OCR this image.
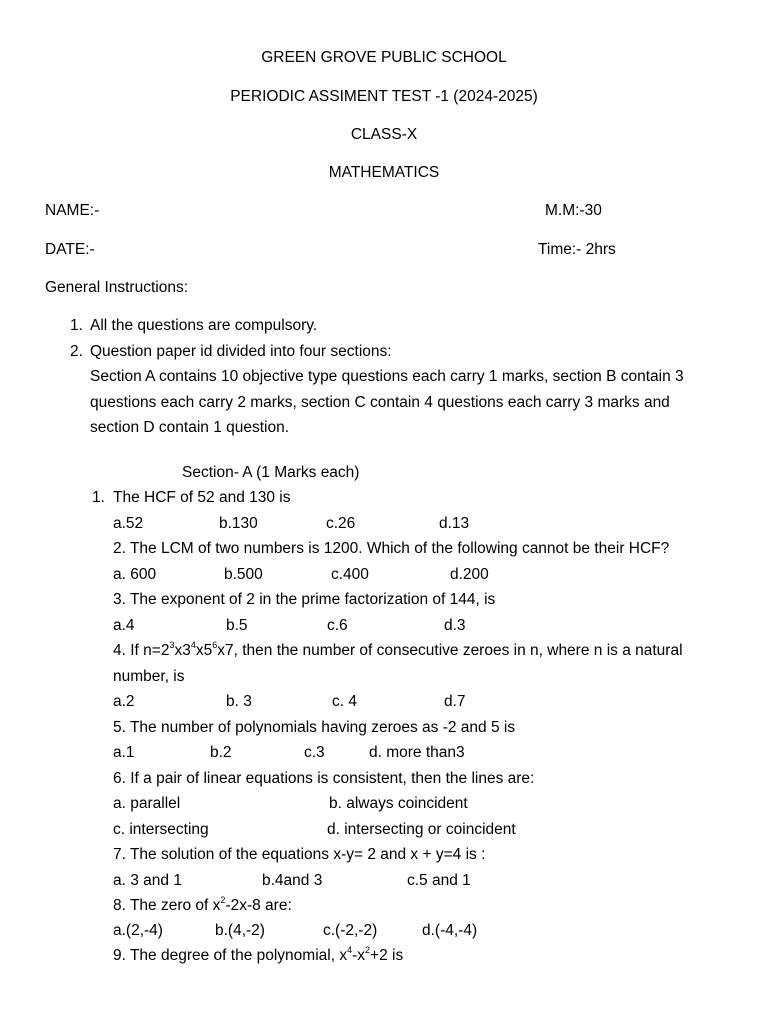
GREEN GROVE PUBLIC SCHOOL
PERIODIC ASSIMENT TEST -1 (2024-2025)
CLASS-X
MATHEMATICS
NAME:-	M.M:-30
DATE:-	Time:- 2hrs
General Instructions:
1. All the questions are compulsory.
2. Question paper id divided into four sections:
Section A contains 10 objective type questions each carry 1 marks, section B contain 3
questions each carry 2 marks, section C contain 4 questions each carry 3 marks and
section D contain 1 question.
Section- A (1 Marks each)
1. The HCF of 52 and 130 is
a.52	b.130	c.26	d.13
2. The LCM of two numbers is 1200. Which of the following cannot be their HCF?
a. 600	b.500	c.400	d.200
3. The exponent of 2 in the prime factorization of 144, is
a.4	b.5	c.6	d.3
4. If $n=2^3x3^4x5^6x7$, then the number of consecutive zeroes in n, where n is a natural
number, is
a.2	b. 3	c. 4	d.7
5. The number of polynomials having zeroes as -2 and 5 is
a.1	b.2	c.3	d. more than3
6. If a pair of linear equations is consistent, then the lines are:
a. parallel	b. always coincident
c. intersecting	d. intersecting or coincident
7. The solution of the equations x-y= 2 and x + y=4 is :
a. 3 and 1	b.4and 3	c.5 and 1
8. The zero of $x^2-2x-8$ are:
a.(2,-4)	b.(4,-2)	c.(-2,-2)	d.(-4,-4)
9. The degree of the polynomial, $x^4-x^2+2$ is
